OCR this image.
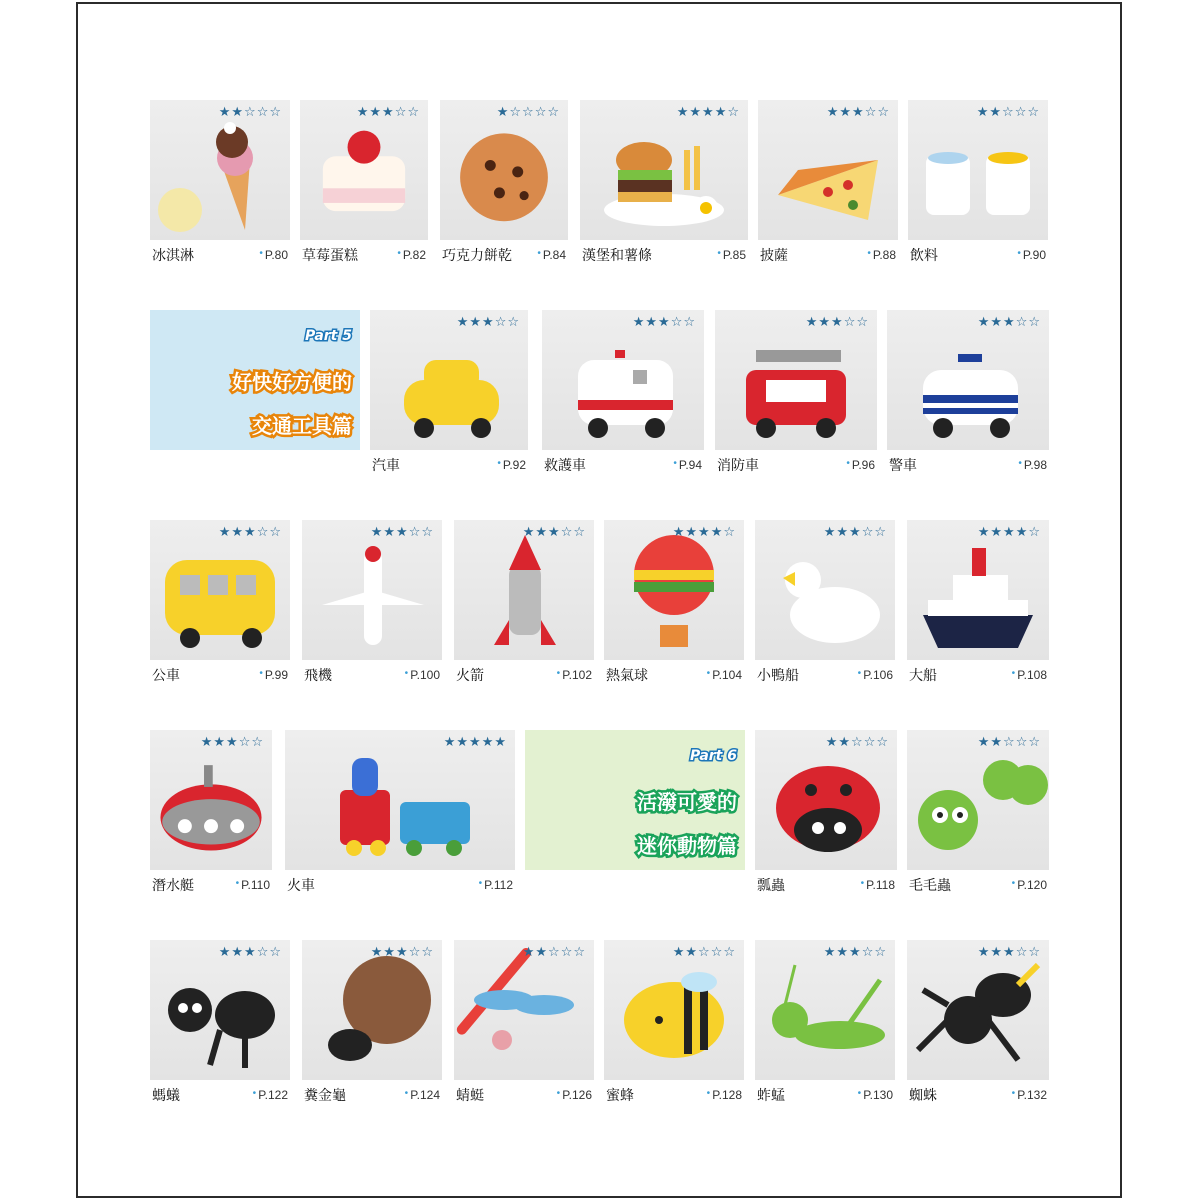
★★☆☆☆
冰淇淋	• P.80
★★★☆☆
草莓蛋糕	• P.82
★☆☆☆☆
巧克力餅乾	• P.84
★★★★☆
漢堡和薯條	• P.85
★★★☆☆
披薩	• P.88
★★☆☆☆
飲料	• P.90
★★★☆☆
汽車	• P.92
★★★☆☆
救護車	• P.94
★★★☆☆
消防車	• P.96
★★★☆☆
警車	• P.98
★★★☆☆
公車	• P.99
★★★☆☆
飛機	• P.100
★★★☆☆
火箭	• P.102
★★★★☆
熱氣球	• P.104
★★★☆☆
小鴨船	• P.106
★★★★☆
大船	• P.108
★★★☆☆
潛水艇	• P.110
★★★★★
火車	• P.112
★★☆☆☆
瓢蟲	• P.118
★★☆☆☆
毛毛蟲	• P.120
★★★☆☆
螞蟻	• P.122
★★★☆☆
糞金龜	• P.124
★★☆☆☆
蜻蜓	• P.126
★★☆☆☆
蜜蜂	• P.128
★★★☆☆
蚱蜢	• P.130
★★★☆☆
蜘蛛	• P.132
Part 5
好快好方便的
交通工具篇
Part 6
活潑可愛的
迷你動物篇
